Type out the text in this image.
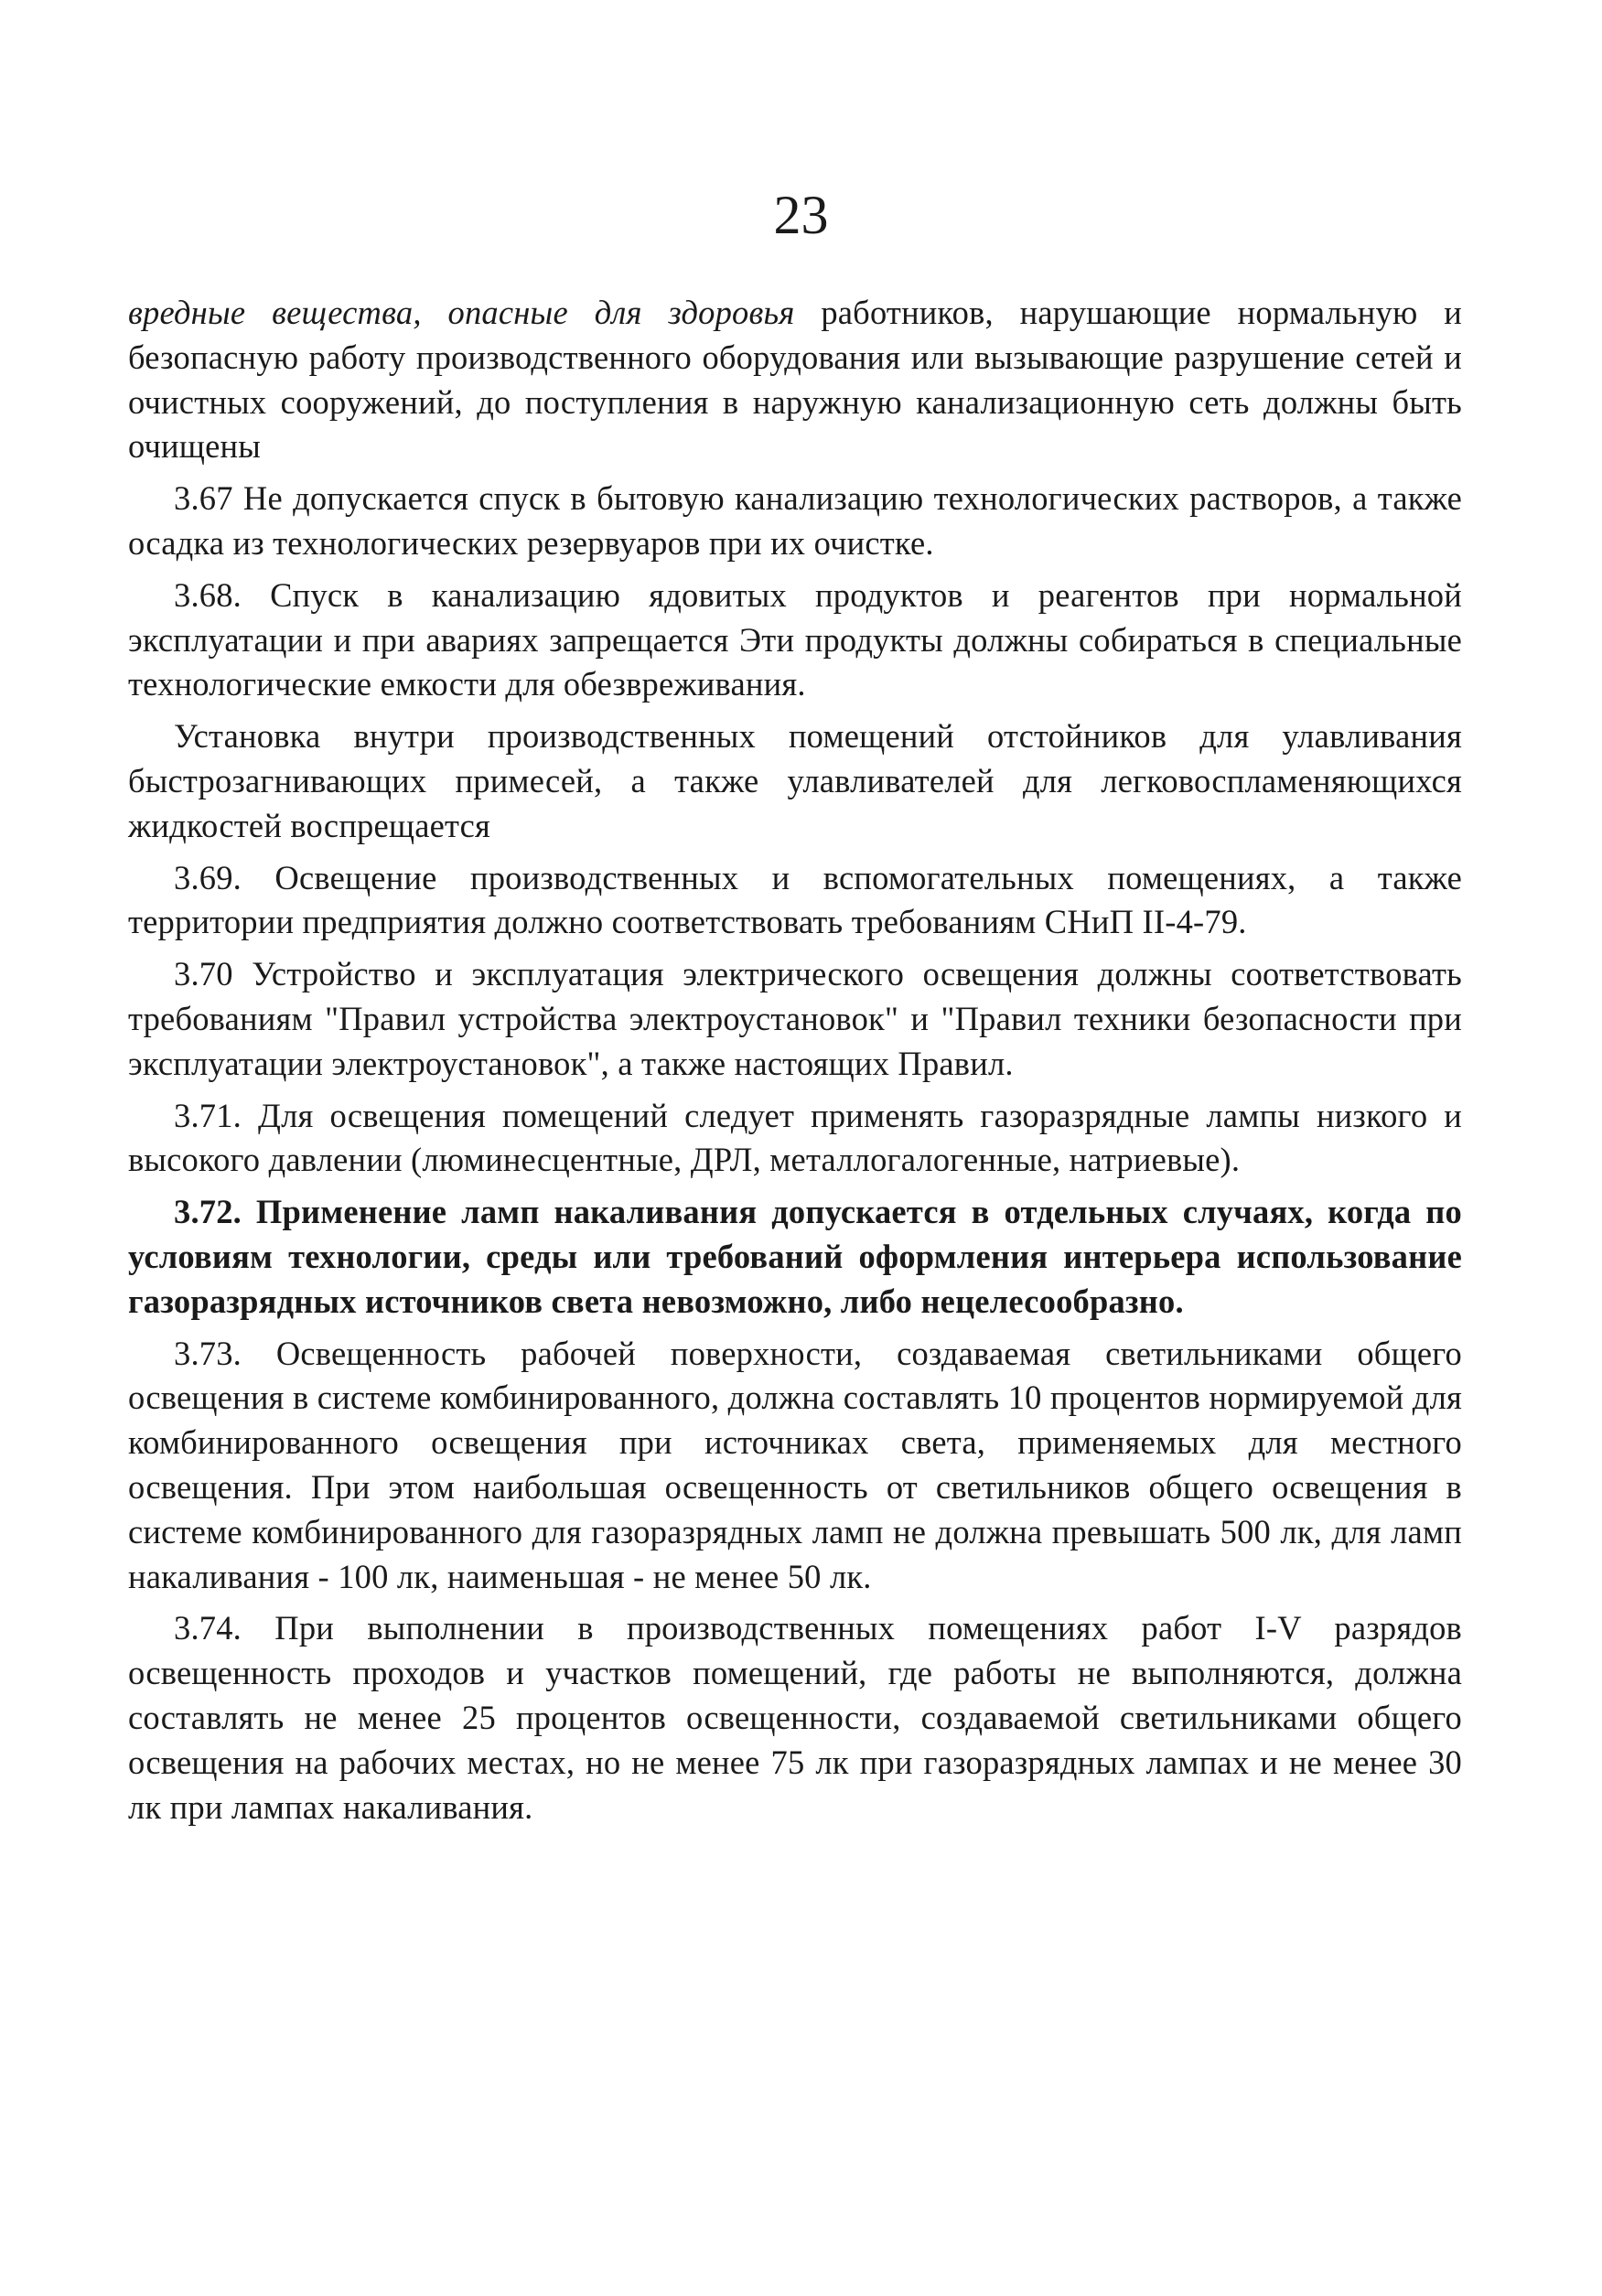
23

вредные вещества, опасные для здоровья работников, нарушающие нормальную и безопасную работу производственного оборудования или вызывающие разрушение сетей и очистных сооружений, до поступления в наружную канализационную сеть должны быть очищены

3.67 Не допускается спуск в бытовую канализацию технологических растворов, а также осадка из технологических резервуаров при их очистке.

3.68. Спуск в канализацию ядовитых продуктов и реагентов при нормальной эксплуатации и при авариях запрещается Эти продукты должны собираться в специальные технологические емкости для обезвреживания.

Установка внутри производственных помещений отстойников для улавливания быстрозагнивающих примесей, а также улавливателей для легковоспламеняющихся жидкостей воспрещается

3.69. Освещение производственных и вспомогательных помещениях, а также территории предприятия должно соответствовать требованиям СНиП II-4-79.

3.70 Устройство и эксплуатация электрического освещения должны соответствовать требованиям "Правил устройства электроустановок" и "Правил техники безопасности при эксплуатации электроустановок", а также настоящих Правил.

3.71. Для освещения помещений следует применять газоразрядные лампы низкого и высокого давлении (люминесцентные, ДРЛ, металлогалогенные, натриевые).

3.72. Применение ламп накаливания допускается в отдельных случаях, когда по условиям технологии, среды или требований оформления интерьера использование газоразрядных источников света невозможно, либо нецелесообразно.

3.73. Освещенность рабочей поверхности, создаваемая светильниками общего освещения в системе комбинированного, должна составлять 10 процентов нормируемой для комбинированного освещения при источниках света, применяемых для местного освещения. При этом наибольшая освещенность от светильников общего освещения в системе комбинированного для газоразрядных ламп не должна превышать 500 лк, для ламп накаливания - 100 лк, наименьшая - не менее 50 лк.

3.74. При выполнении в производственных помещениях работ I-V разрядов освещенность проходов и участков помещений, где работы не выполняются, должна составлять не менее 25 процентов освещенности, создаваемой светильниками общего освещения на рабочих местах, но не менее 75 лк при газоразрядных лампах и не менее 30 лк при лампах накаливания.
